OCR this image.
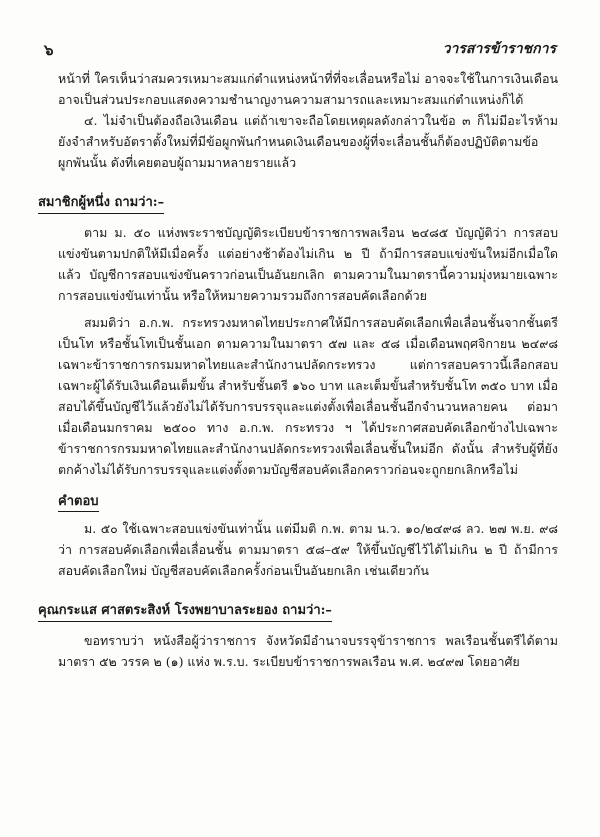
๖	วารสารข้าราชการ

หน้าที่ ใครเห็นว่าสมควรเหมาะสมแก่ตำแหน่งหน้าที่ที่จะเลื่อนหรือไม่ อาจจะใช้ในการเงินเดือนอาจเป็นส่วนประกอบแสดงความชำนาญงานความสามารถและเหมาะสมแก่ตำแหน่งก็ได้

๔. ไม่จำเป็นต้องถือเงินเดือน แต่ถ้าเขาจะถือโดยเหตุผลดังกล่าวในข้อ ๓ ก็ไม่มีอะไรห้าม ยังจำสำหรับอัตราตั้งใหม่ที่มีข้อผูกพันกำหนดเงินเดือนของผู้ที่จะเลื่อนชั้นก็ต้องปฏิบัติตามข้อผูกพันนั้น ดังที่เคยตอบผู้ถามมาหลายรายแล้ว

สมาชิกผู้หนึ่ง ถามว่า:–

ตาม ม. ๕๐ แห่งพระราชบัญญัติระเบียบข้าราชการพลเรือน ๒๔๘๕ บัญญัติว่า การสอบแข่งขันตามปกติให้มีเมื่อครั้ง แต่อย่างช้าต้องไม่เกิน ๒ ปี ถ้ามีการสอบแข่งขันใหม่อีกเมื่อใดแล้ว บัญชีการสอบแข่งขันคราวก่อนเป็นอันยกเลิก ตามความในมาตรานี้ความมุ่งหมายเฉพาะการสอบแข่งขันเท่านั้น หรือให้หมายความรวมถึงการสอบคัดเลือกด้วย

สมมติว่า อ.ก.พ. กระทรวงมหาดไทยประกาศให้มีการสอบคัดเลือกเพื่อเลื่อนชั้นจากชั้นตรีเป็นโท หรือชั้นโทเป็นชั้นเอก ตามความในมาตรา ๕๗ และ ๕๘ เมื่อเดือนพฤศจิกายน ๒๔๙๘ เฉพาะข้าราชการกรมมหาดไทยและสำนักงานปลัดกระทรวง แต่การสอบคราวนี้เลือกสอบเฉพาะผู้ได้รับเงินเดือนเต็มขั้น สำหรับชั้นตรี ๑๖๐ บาท และเต็มขั้นสำหรับชั้นโท ๓๕๐ บาท เมื่อสอบได้ขึ้นบัญชีไว้แล้วยังไม่ได้รับการบรรจุและแต่งตั้งเพื่อเลื่อนชั้นอีกจำนวนหลายคน ต่อมาเมื่อเดือนมกราคม ๒๕๐๐ ทาง อ.ก.พ. กระทรวง ฯ ได้ประกาศสอบคัดเลือกข้างไปเฉพาะข้าราชการกรมมหาดไทยและสำนักงานปลัดกระทรวงเพื่อเลื่อนชั้นใหม่อีก ดังนั้น สำหรับผู้ที่ยังตกค้างไม่ได้รับการบรรจุและแต่งตั้งตามบัญชีสอบคัดเลือกคราวก่อนจะถูกยกเลิกหรือไม่

คำตอบ

ม. ๕๐ ใช้เฉพาะสอบแข่งขันเท่านั้น แต่มีมติ ก.พ. ตาม น.ว. ๑๐/๒๔๙๘ ลว. ๒๗ พ.ย. ๙๘ ว่า การสอบคัดเลือกเพื่อเลื่อนชั้น ตามมาตรา ๕๘–๕๙ ให้ขึ้นบัญชีไว้ได้ไม่เกิน ๒ ปี ถ้ามีการสอบคัดเลือกใหม่ บัญชีสอบคัดเลือกครั้งก่อนเป็นอันยกเลิก เช่นเดียวกัน

คุณกระแส ศาสตระสิงห์ โรงพยาบาลระยอง ถามว่า:–

ขอทราบว่า หนังสือผู้ว่าราชการ จังหวัดมีอำนาจบรรจุข้าราชการ พลเรือนชั้นตรีได้ตามมาตรา ๕๒ วรรค ๒ (๑) แห่ง พ.ร.บ. ระเบียบข้าราชการพลเรือน พ.ศ. ๒๔๙๗ โดยอาศัย
